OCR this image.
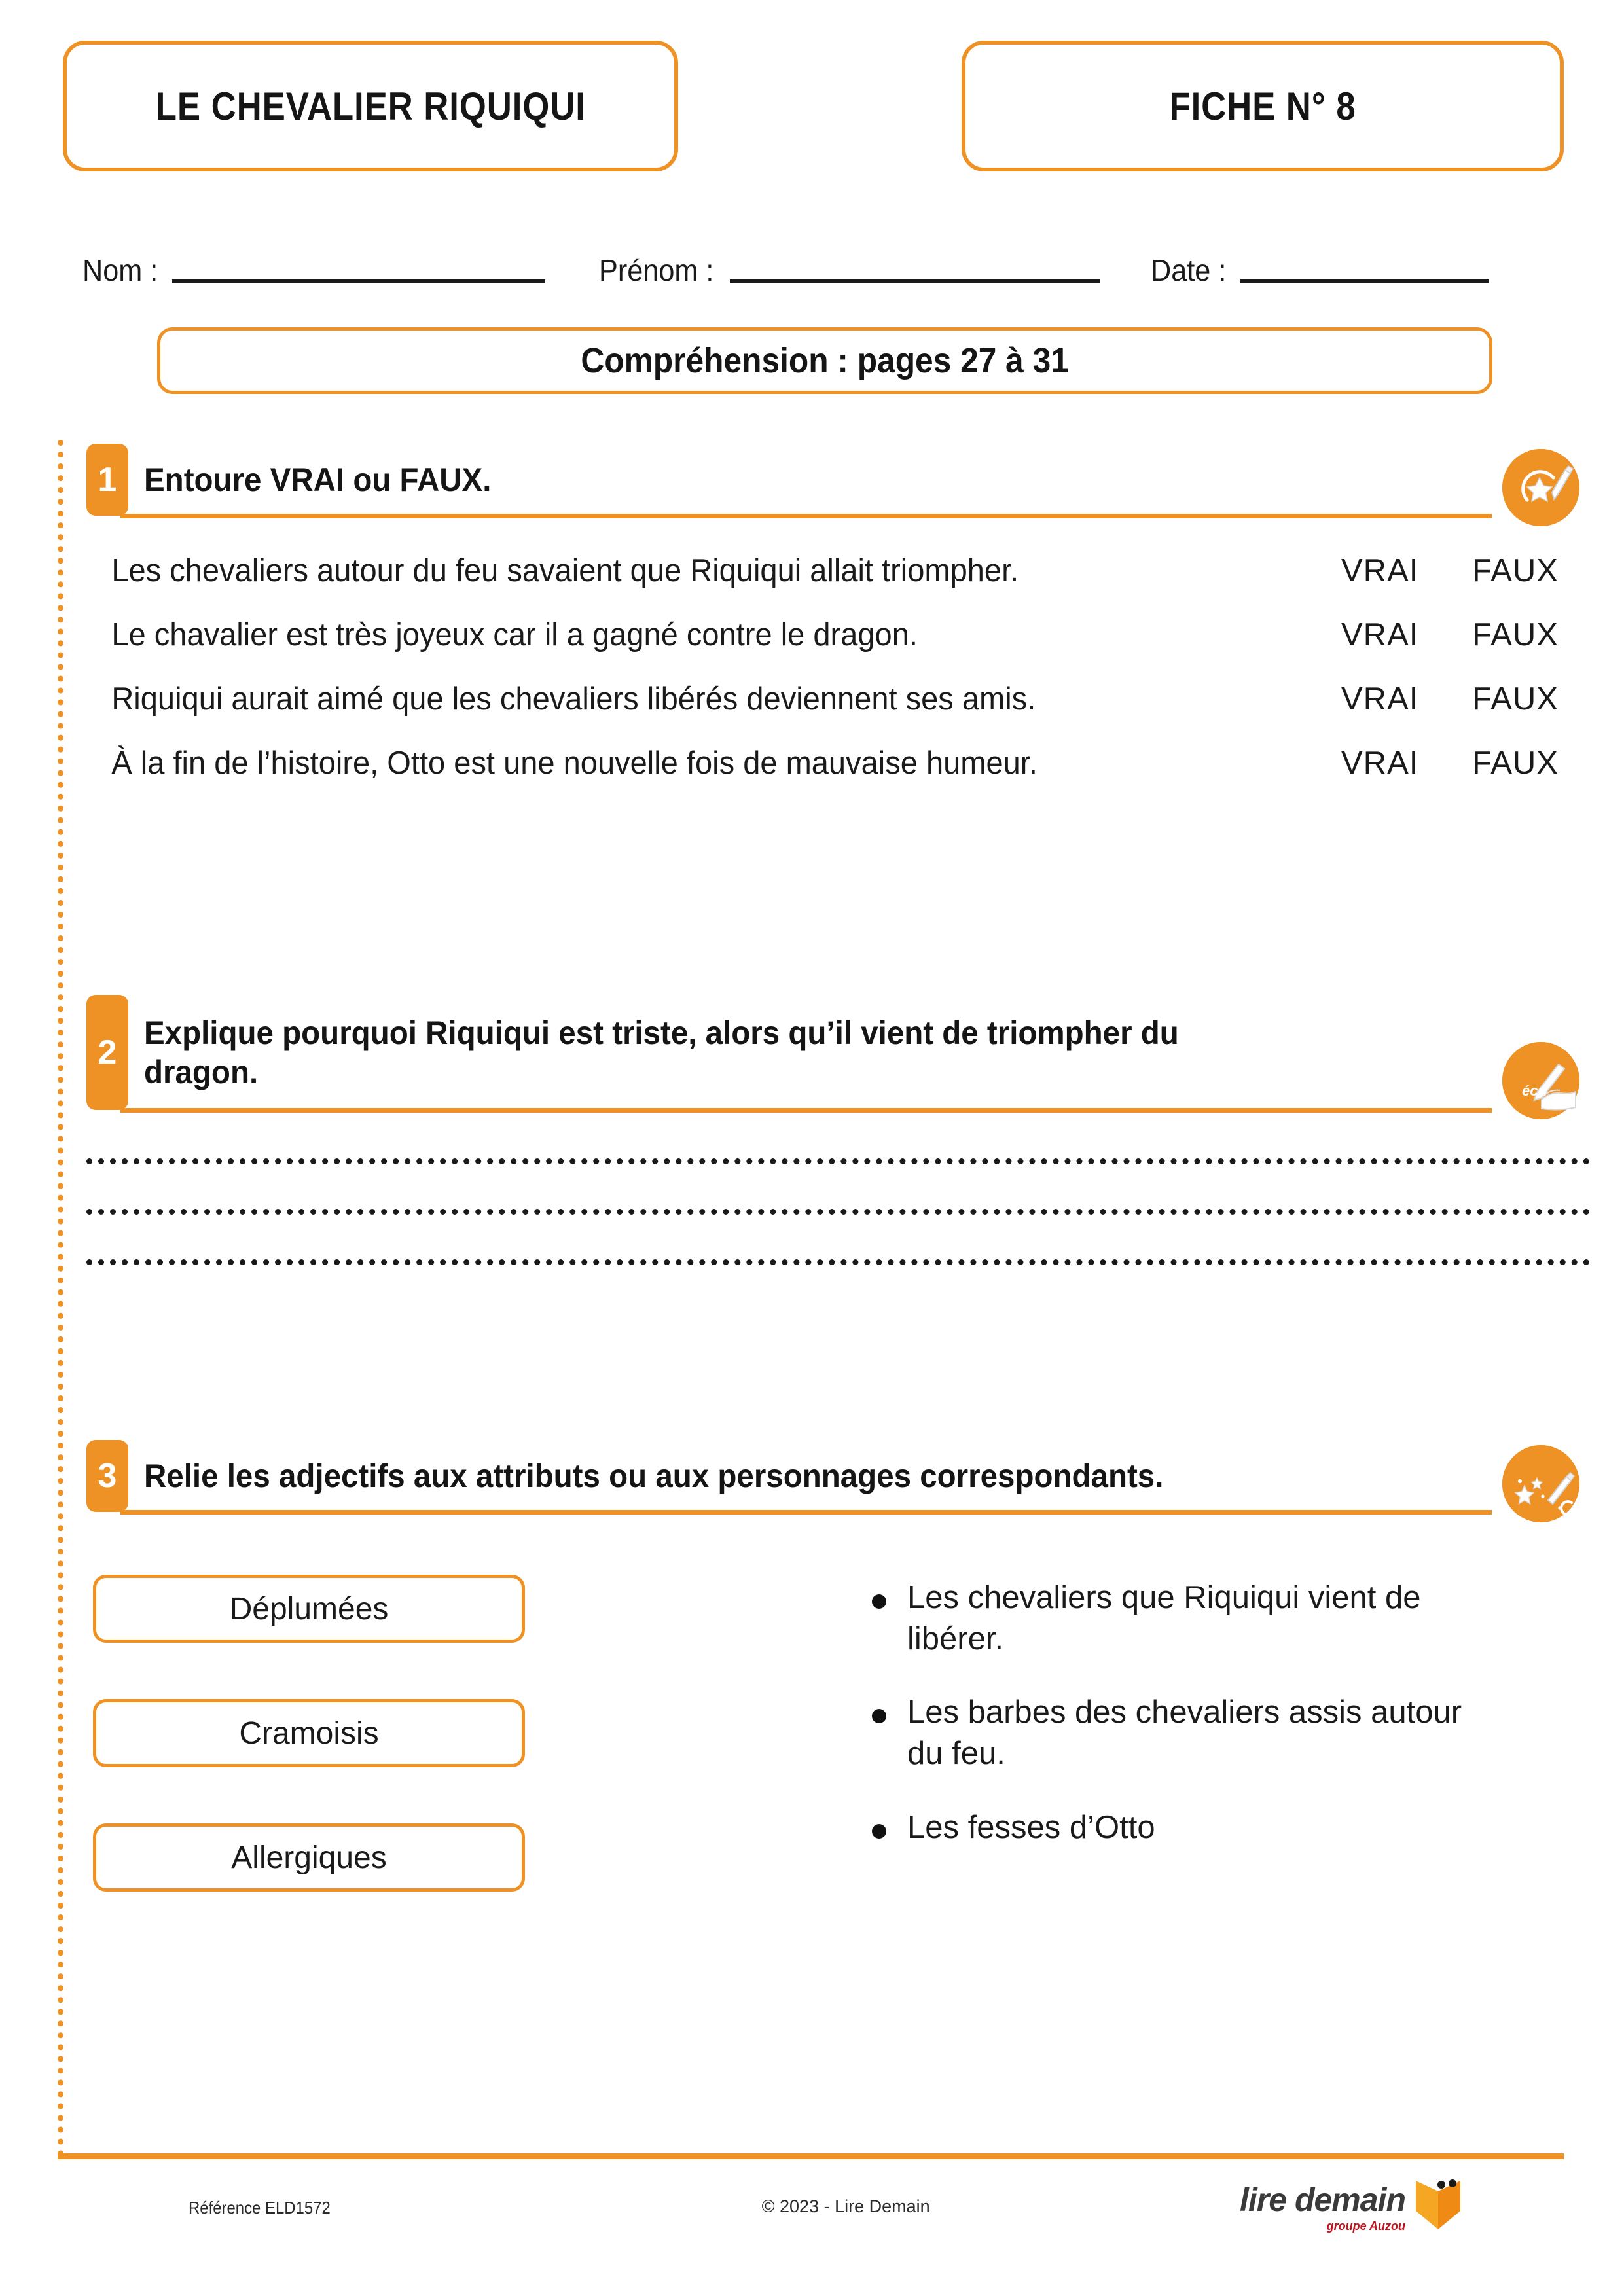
LE CHEVALIER RIQUIQUI	FICHE N° 8
Nom :	Prénom :	Date :
Compréhension : pages 27 à 31
1 Entoure VRAI ou FAUX.
Les chevaliers autour du feu savaient que Riquiqui allait triompher.	VRAI	FAUX
Le chavalier est très joyeux car il a gagné contre le dragon.	VRAI	FAUX
Riquiqui aurait aimé que les chevaliers libérés deviennent ses amis.	VRAI	FAUX
À la fin de l’histoire, Otto est une nouvelle fois de mauvaise humeur.	VRAI	FAUX
2
Explique pourquoi Riquiqui est triste, alors qu’il vient de triompher du dragon.
écri
3 Relie les adjectifs aux attributs ou aux personnages correspondants.
Déplumées
Cramoisis
Allergiques
Les chevaliers que Riquiqui vient de libérer.
Les barbes des chevaliers assis autour du feu.
Les fesses d’Otto
Référence ELD1572	© 2023 - Lire Demain	lire demain
groupe Auzou
